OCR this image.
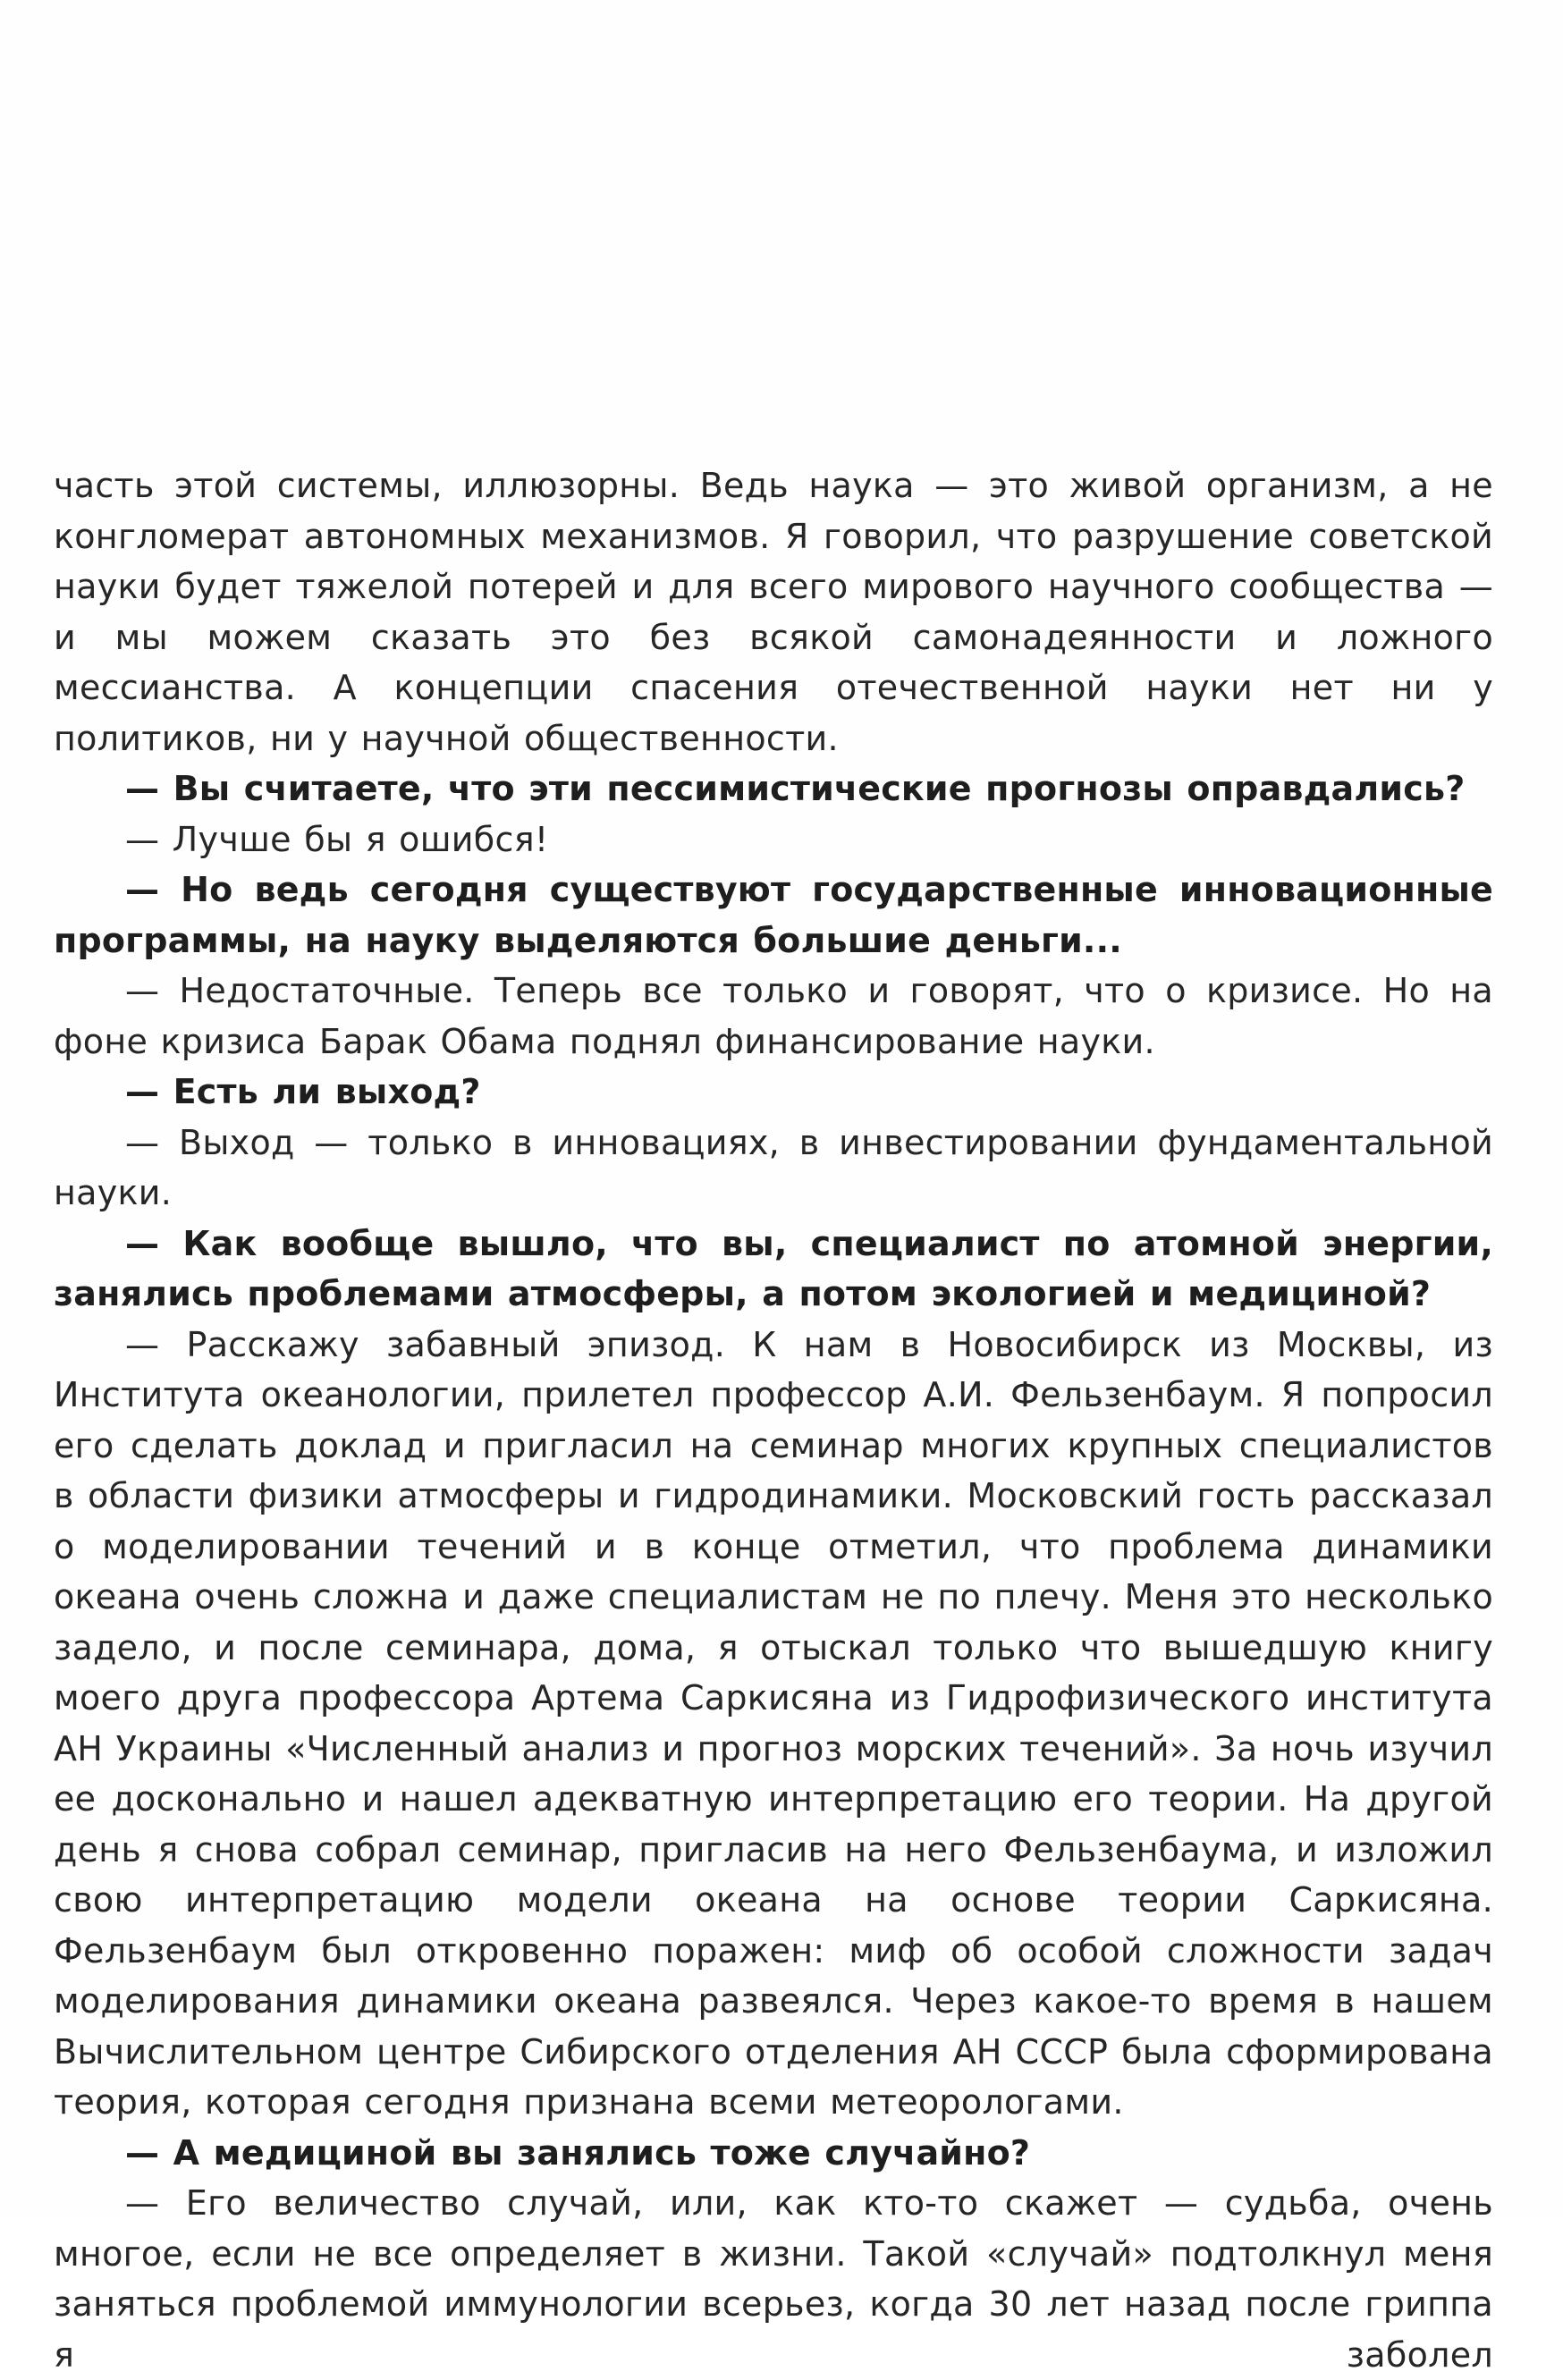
часть этой системы, иллюзорны. Ведь наука — это живой организм, а не конгломерат автономных механизмов. Я говорил, что разрушение советской науки будет тяжелой потерей и для всего мирового научного сообщества — и мы можем сказать это без всякой самонадеянности и ложного мессианства. А концепции спасения отечественной науки нет ни у политиков, ни у научной общественности.

— Вы считаете, что эти пессимистические прогнозы оправдались?

— Лучше бы я ошибся!

— Но ведь сегодня существуют государственные инновационные программы, на науку выделяются большие деньги...

— Недостаточные. Теперь все только и говорят, что о кризисе. Но на фоне кризиса Барак Обама поднял финансирование науки.

— Есть ли выход?

— Выход — только в инновациях, в инвестировании фундаментальной науки.

— Как вообще вышло, что вы, специалист по атомной энергии, занялись проблемами атмосферы, а потом экологией и медициной?

— Расскажу забавный эпизод. К нам в Новосибирск из Москвы, из Института океанологии, прилетел профессор А.И. Фельзенбаум. Я попросил его сделать доклад и пригласил на семинар многих крупных специалистов в области физики атмосферы и гидродинамики. Московский гость рассказал о моделировании течений и в конце отметил, что проблема динамики океана очень сложна и даже специалистам не по плечу. Меня это несколько задело, и после семинара, дома, я отыскал только что вышедшую книгу моего друга профессора Артема Саркисяна из Гидрофизического института АН Украины «Численный анализ и прогноз морских течений». За ночь изучил ее досконально и нашел адекватную интерпретацию его теории. На другой день я снова собрал семинар, пригласив на него Фельзенбаума, и изложил свою интерпретацию модели океана на основе теории Саркисяна. Фельзенбаум был откровенно поражен: миф об особой сложности задач моделирования динамики океана развеялся. Через какое-то время в нашем Вычислительном центре Сибирского отделения АН СССР была сформирована теория, которая сегодня признана всеми метеорологами.

— А медициной вы занялись тоже случайно?

— Его величество случай, или, как кто-то скажет — судьба, очень многое, если не все определяет в жизни. Такой «случай» подтолкнул меня заняться проблемой иммунологии всерьез, когда 30 лет назад после гриппа я заболел
